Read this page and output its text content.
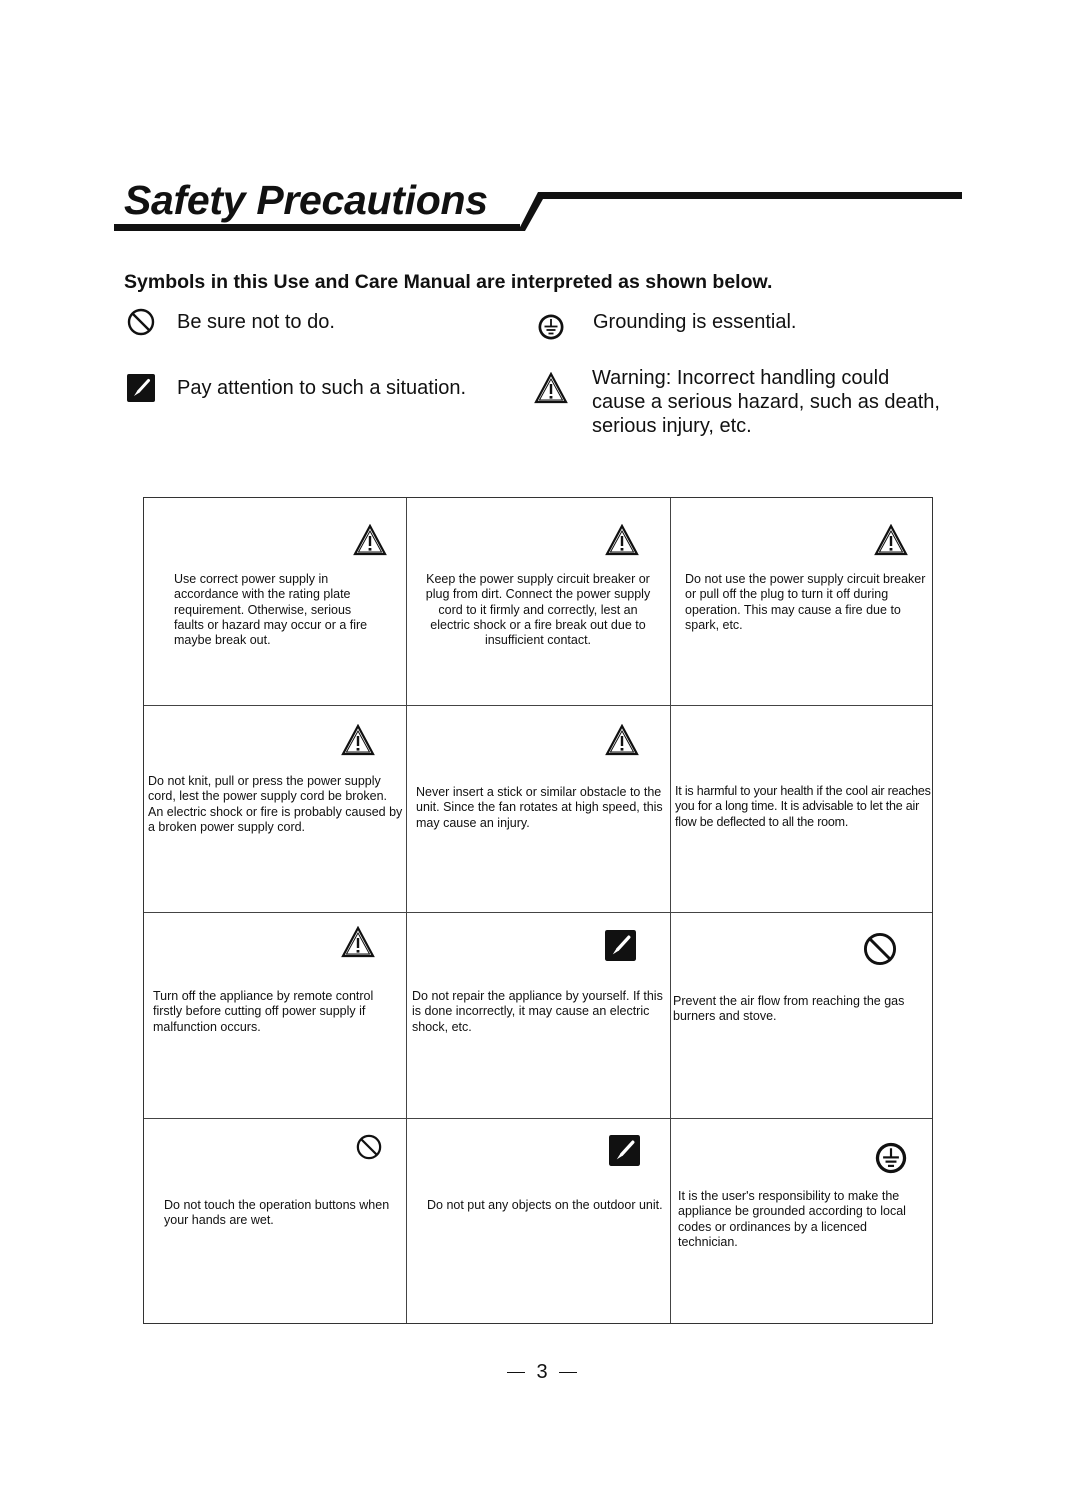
Safety Precautions

Symbols in this Use and Care Manual are interpreted as shown below.

Be sure not to do.	Grounding is essential.
Pay attention to such a situation.	Warning: Incorrect handling could
cause a serious hazard, such as death,
serious injury, etc.

Use correct power supply in accordance with the rating plate requirement. Otherwise, serious faults or hazard may occur or a fire maybe break out.

Keep the power supply circuit breaker or plug from dirt. Connect the power supply cord to it firmly and correctly, lest an electric shock or a fire break out due to insufficient contact.

Do not use the power supply circuit breaker or pull off the plug to turn it off during operation. This may cause a fire due to spark, etc.

Do not knit, pull or press the power supply cord, lest the power supply cord be broken. An electric shock or fire is probably caused by a broken power supply cord.

Never insert a stick or similar obstacle to the unit. Since the fan rotates at high speed, this may cause an injury.

It is harmful to your health if the cool air reaches you for a long time. It is advisable to let the air flow be deflected to all the room.

Turn off the appliance by remote control firstly before cutting off power supply if malfunction occurs.

Do not repair the appliance by yourself. If this is done incorrectly, it may cause an electric shock, etc.

Prevent the air flow from reaching the gas burners and stove.

Do not touch the operation buttons when your hands are wet.

Do not put any objects on the outdoor unit.

It is the user's responsibility to make the appliance be grounded according to local codes or ordinances by a licenced technician.

3
